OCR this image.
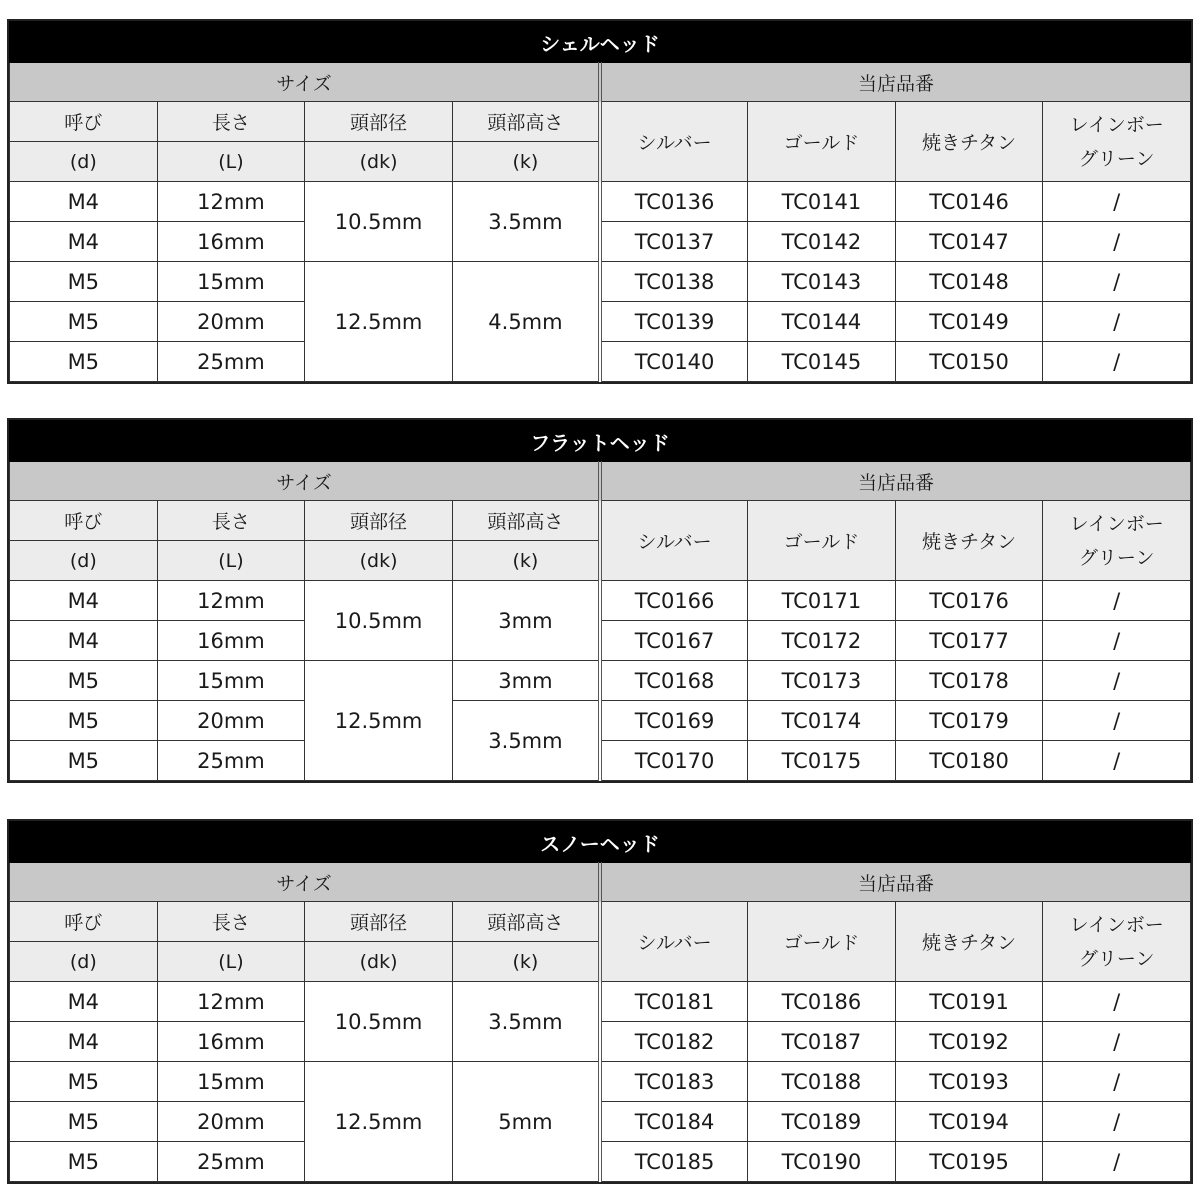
シェルヘッド							
サイズ				当店品番			
呼び	長さ	頭部径	頭部高さ	シルバー	ゴールド	焼きチタン	レインボー
グリーン
(d)	(L)	(dk)	(k)				
M4	12mm	10.5mm	3.5mm	TC0136	TC0141	TC0146	/
M4	16mm			TC0137	TC0142	TC0147	/
M5	15mm	12.5mm	4.5mm	TC0138	TC0143	TC0148	/
M5	20mm			TC0139	TC0144	TC0149	/
M5	25mm			TC0140	TC0145	TC0150	/
フラットヘッド							
サイズ				当店品番			
呼び	長さ	頭部径	頭部高さ	シルバー	ゴールド	焼きチタン	レインボー
グリーン
(d)	(L)	(dk)	(k)				
M4	12mm	10.5mm	3mm	TC0166	TC0171	TC0176	/
M4	16mm			TC0167	TC0172	TC0177	/
M5	15mm	12.5mm	3mm	TC0168	TC0173	TC0178	/
M5	20mm		3.5mm	TC0169	TC0174	TC0179	/
M5	25mm			TC0170	TC0175	TC0180	/
スノーヘッド							
サイズ				当店品番			
呼び	長さ	頭部径	頭部高さ	シルバー	ゴールド	焼きチタン	レインボー
グリーン
(d)	(L)	(dk)	(k)				
M4	12mm	10.5mm	3.5mm	TC0181	TC0186	TC0191	/
M4	16mm			TC0182	TC0187	TC0192	/
M5	15mm	12.5mm	5mm	TC0183	TC0188	TC0193	/
M5	20mm			TC0184	TC0189	TC0194	/
M5	25mm			TC0185	TC0190	TC0195	/
